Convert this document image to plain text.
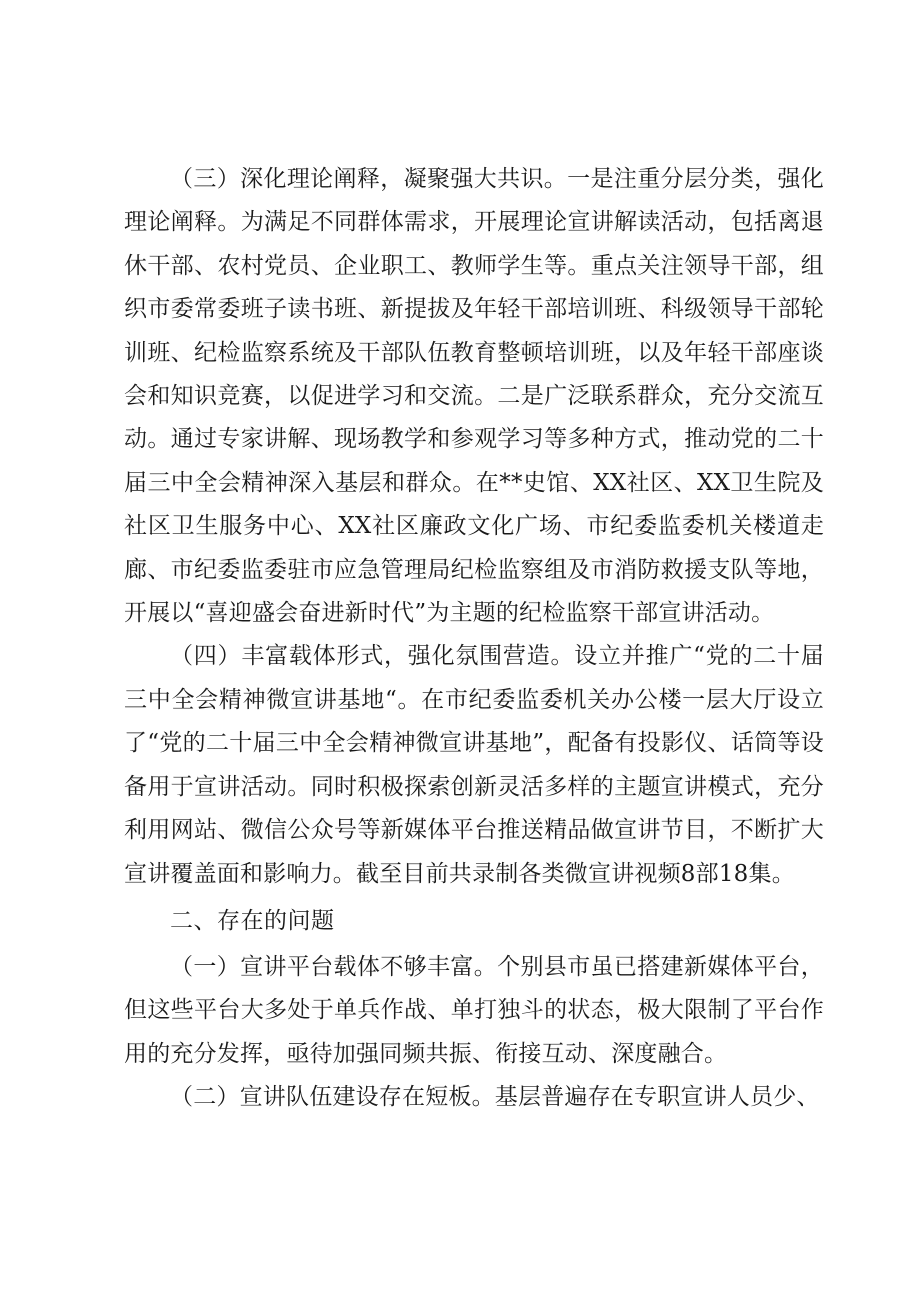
（三）深化理论阐释，凝聚强大共识。一是注重分层分类，强化理论阐释。为满足不同群体需求，开展理论宣讲解读活动，包括离退休干部、农村党员、企业职工、教师学生等。重点关注领导干部，组织市委常委班子读书班、新提拔及年轻干部培训班、科级领导干部轮训班、纪检监察系统及干部队伍教育整顿培训班，以及年轻干部座谈会和知识竞赛，以促进学习和交流。二是广泛联系群众，充分交流互动。通过专家讲解、现场教学和参观学习等多种方式，推动党的二十届三中全会精神深入基层和群众。在**史馆、XX社区、XX卫生院及社区卫生服务中心、XX社区廉政文化广场、市纪委监委机关楼道走廊、市纪委监委驻市应急管理局纪检监察组及市消防救援支队等地，开展以“喜迎盛会奋进新时代”为主题的纪检监察干部宣讲活动。

（四）丰富载体形式，强化氛围营造。设立并推广“党的二十届三中全会精神微宣讲基地“。在市纪委监委机关办公楼一层大厅设立了“党的二十届三中全会精神微宣讲基地”，配备有投影仪、话筒等设备用于宣讲活动。同时积极探索创新灵活多样的主题宣讲模式，充分利用网站、微信公众号等新媒体平台推送精品做宣讲节目，不断扩大宣讲覆盖面和影响力。截至目前共录制各类微宣讲视频8部18集。

二、存在的问题

（一）宣讲平台载体不够丰富。个别县市虽已搭建新媒体平台，但这些平台大多处于单兵作战、单打独斗的状态，极大限制了平台作用的充分发挥，亟待加强同频共振、衔接互动、深度融合。

（二）宣讲队伍建设存在短板。基层普遍存在专职宣讲人员少、
